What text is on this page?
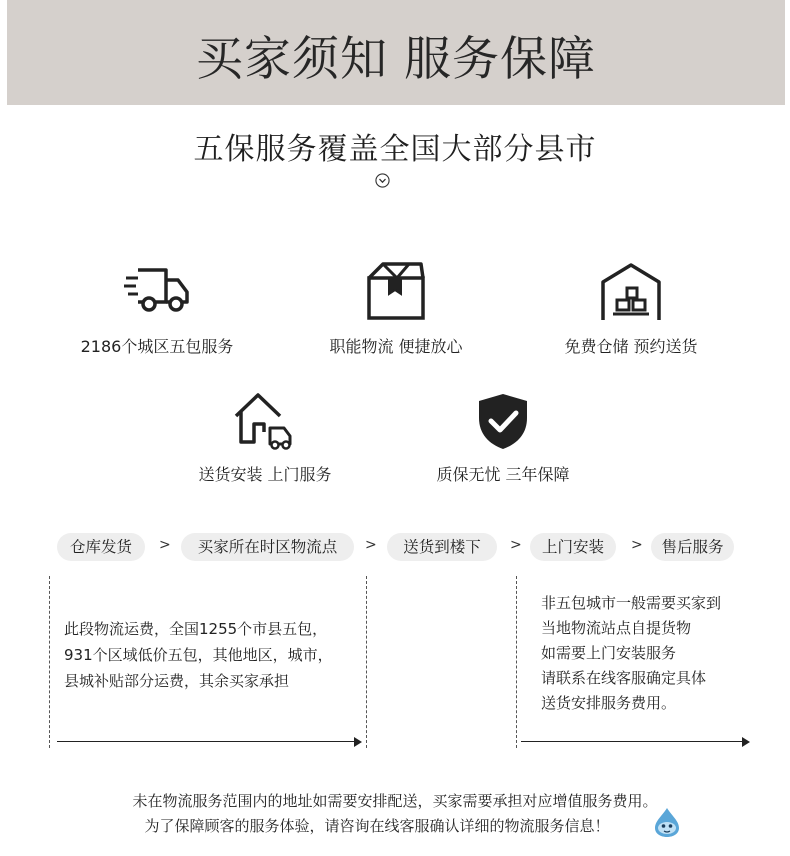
买家须知 服务保障
五保服务覆盖全国大部分县市
2186个城区五包服务	职能物流 便捷放心	免费仓储 预约送货
送货安装 上门服务	质保无忧 三年保障
仓库发货	>	买家所在时区物流点	>	送货到楼下	>	上门安装	>	售后服务
此段物流运费，全国1255个市县五包，
931个区域低价五包，其他地区，城市，
县城补贴部分运费，其余买家承担
非五包城市一般需要买家到
当地物流站点自提货物
如需要上门安装服务
请联系在线客服确定具体
送货安排服务费用。
未在物流服务范围内的地址如需要安排配送，买家需要承担对应增值服务费用。
为了保障顾客的服务体验，请咨询在线客服确认详细的物流服务信息！
